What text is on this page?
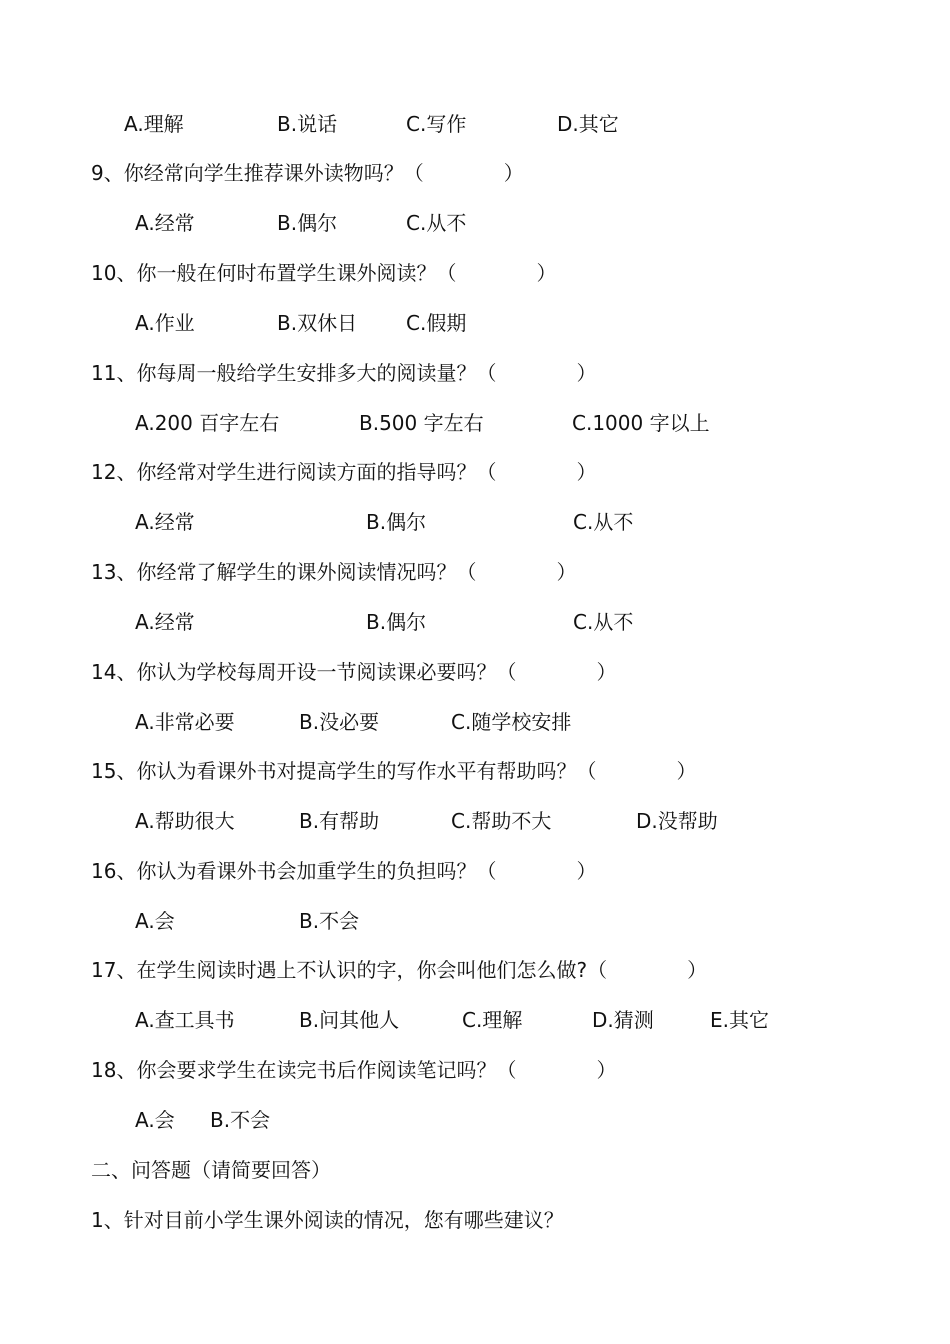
A.理解	B.说话	C.写作	D.其它
9、你经常向学生推荐课外读物吗？（　　　　）
A.经常	B.偶尔	C.从不
10、你一般在何时布置学生课外阅读？（　　　　）
A.作业	B.双休日 C.假期
11、你每周一般给学生安排多大的阅读量？（　　　　）
A.200 百字左右	B.500 字左右	C.1000 字以上
12、你经常对学生进行阅读方面的指导吗？（　　　　）
A.经常	B.偶尔	C.从不
13、你经常了解学生的课外阅读情况吗？（　　　　）
A.经常	B.偶尔	C.从不
14、你认为学校每周开设一节阅读课必要吗？（　　　　）
A.非常必要	B.没必要	C.随学校安排
15、你认为看课外书对提高学生的写作水平有帮助吗？（　　　　）
A.帮助很大	B.有帮助	C.帮助不大	D.没帮助
16、你认为看课外书会加重学生的负担吗？（　　　　）
A.会	B.不会
17、在学生阅读时遇上不认识的字，你会叫他们怎么做?（　　　　）
A.查工具书	B.问其他人	C.理解	D.猜测	E.其它
18、你会要求学生在读完书后作阅读笔记吗？（　　　　）
A.会 B.不会
二、问答题（请简要回答）
1、针对目前小学生课外阅读的情况，您有哪些建议？
